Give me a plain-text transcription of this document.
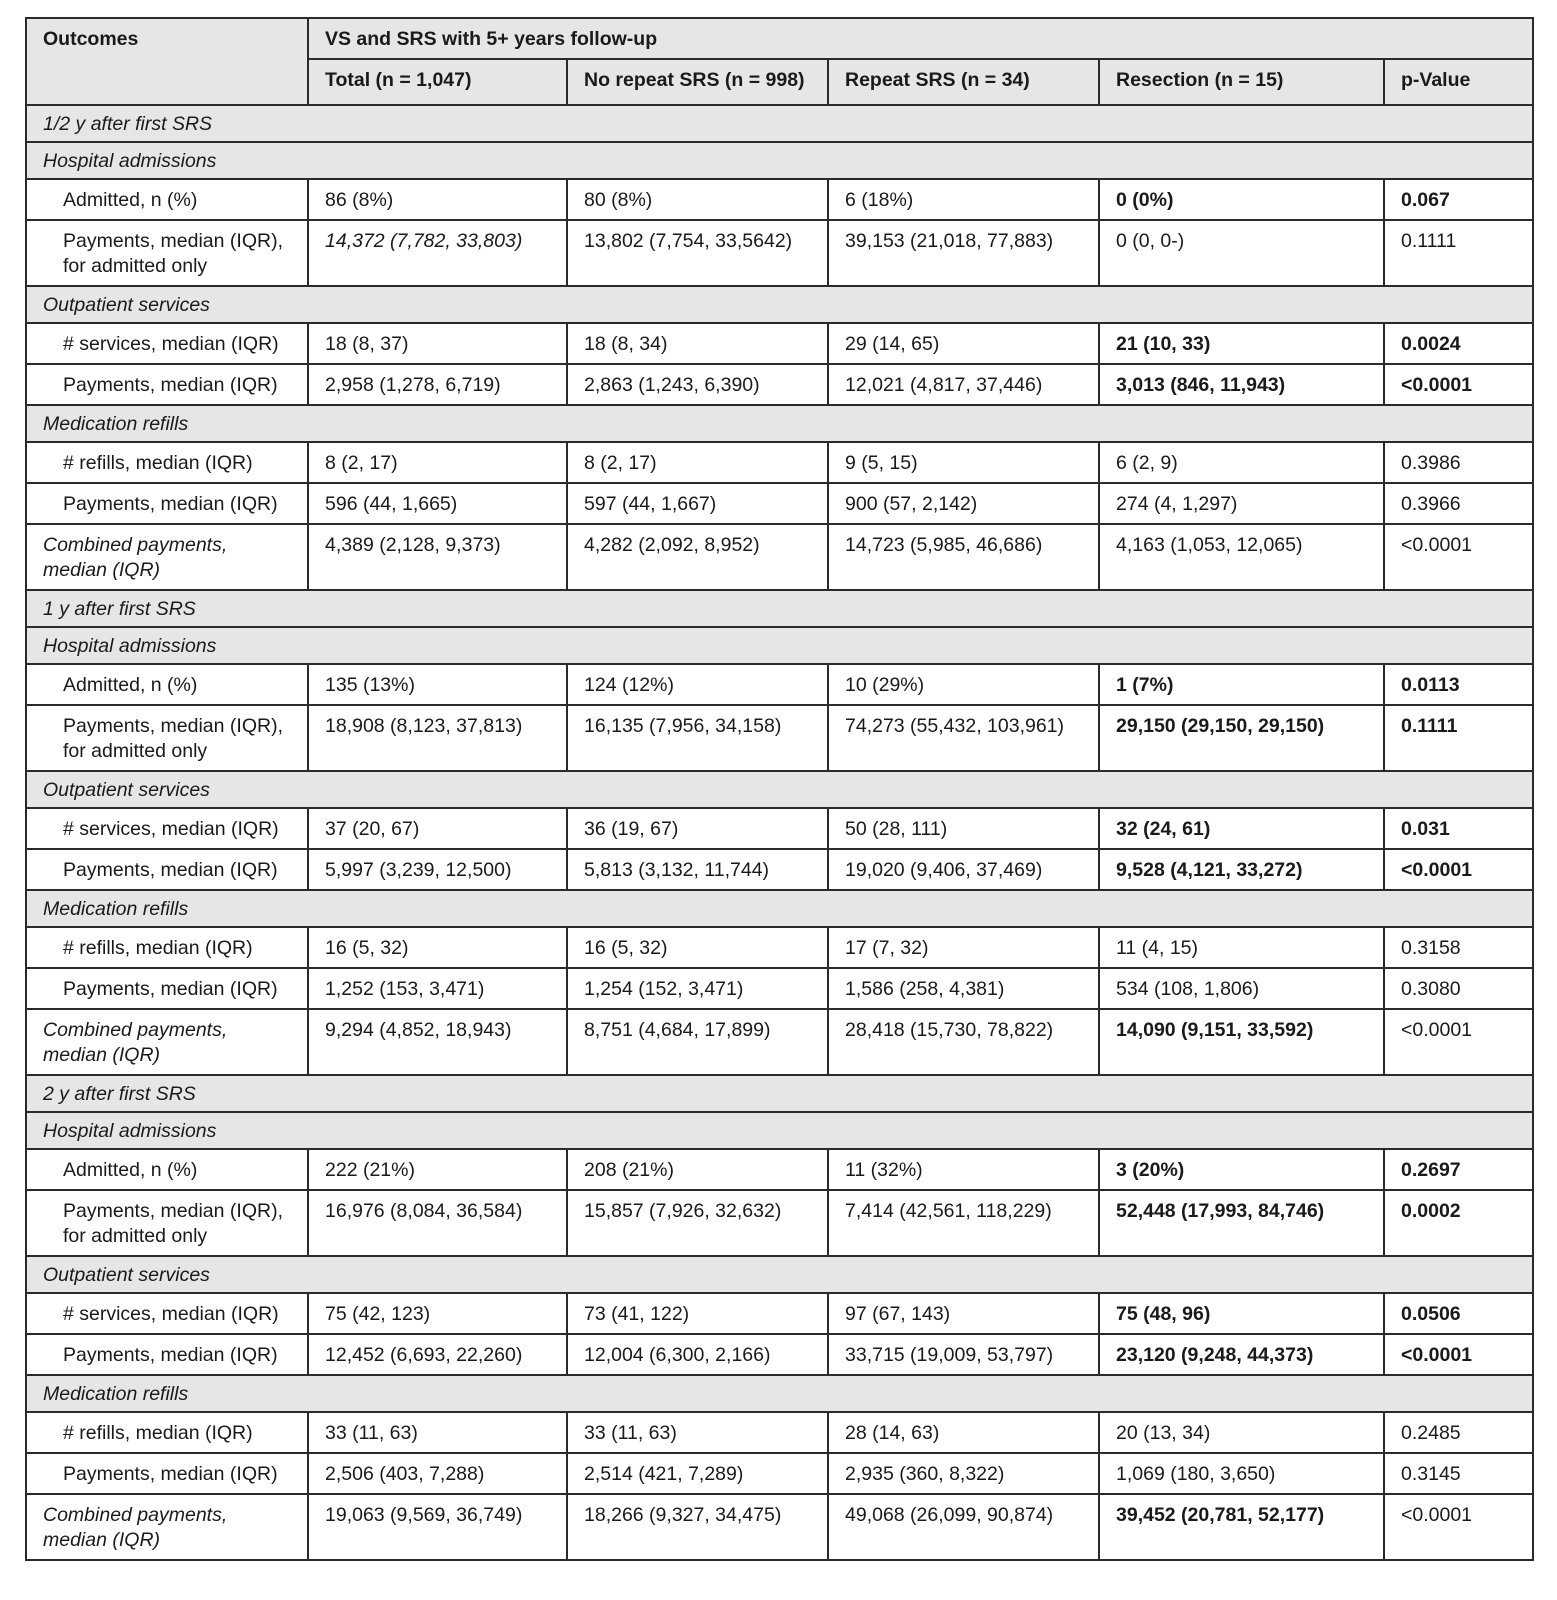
Outcomes	VS and SRS with 5+ years follow-up				
	Total (n = 1,047)	No repeat SRS (n = 998)	Repeat SRS (n = 34)	Resection (n = 15)	p-Value
1/2 y after first SRS					
Hospital admissions					
Admitted, n (%)	86 (8%)	80 (8%)	6 (18%)	0 (0%)	0.067
Payments, median (IQR), for admitted only	14,372 (7,782, 33,803)	13,802 (7,754, 33,5642)	39,153 (21,018, 77,883)	0 (0, 0-)	0.1111
Outpatient services					
# services, median (IQR)	18 (8, 37)	18 (8, 34)	29 (14, 65)	21 (10, 33)	0.0024
Payments, median (IQR)	2,958 (1,278, 6,719)	2,863 (1,243, 6,390)	12,021 (4,817, 37,446)	3,013 (846, 11,943)	<0.0001
Medication refills					
# refills, median (IQR)	8 (2, 17)	8 (2, 17)	9 (5, 15)	6 (2, 9)	0.3986
Payments, median (IQR)	596 (44, 1,665)	597 (44, 1,667)	900 (57, 2,142)	274 (4, 1,297)	0.3966
Combined payments, median (IQR)	4,389 (2,128, 9,373)	4,282 (2,092, 8,952)	14,723 (5,985, 46,686)	4,163 (1,053, 12,065)	<0.0001
1 y after first SRS					
Hospital admissions					
Admitted, n (%)	135 (13%)	124 (12%)	10 (29%)	1 (7%)	0.0113
Payments, median (IQR), for admitted only	18,908 (8,123, 37,813)	16,135 (7,956, 34,158)	74,273 (55,432, 103,961)	29,150 (29,150, 29,150)	0.1111
Outpatient services					
# services, median (IQR)	37 (20, 67)	36 (19, 67)	50 (28, 111)	32 (24, 61)	0.031
Payments, median (IQR)	5,997 (3,239, 12,500)	5,813 (3,132, 11,744)	19,020 (9,406, 37,469)	9,528 (4,121, 33,272)	<0.0001
Medication refills					
# refills, median (IQR)	16 (5, 32)	16 (5, 32)	17 (7, 32)	11 (4, 15)	0.3158
Payments, median (IQR)	1,252 (153, 3,471)	1,254 (152, 3,471)	1,586 (258, 4,381)	534 (108, 1,806)	0.3080
Combined payments, median (IQR)	9,294 (4,852, 18,943)	8,751 (4,684, 17,899)	28,418 (15,730, 78,822)	14,090 (9,151, 33,592)	<0.0001
2 y after first SRS					
Hospital admissions					
Admitted, n (%)	222 (21%)	208 (21%)	11 (32%)	3 (20%)	0.2697
Payments, median (IQR), for admitted only	16,976 (8,084, 36,584)	15,857 (7,926, 32,632)	7,414 (42,561, 118,229)	52,448 (17,993, 84,746)	0.0002
Outpatient services					
# services, median (IQR)	75 (42, 123)	73 (41, 122)	97 (67, 143)	75 (48, 96)	0.0506
Payments, median (IQR)	12,452 (6,693, 22,260)	12,004 (6,300, 2,166)	33,715 (19,009, 53,797)	23,120 (9,248, 44,373)	<0.0001
Medication refills					
# refills, median (IQR)	33 (11, 63)	33 (11, 63)	28 (14, 63)	20 (13, 34)	0.2485
Payments, median (IQR)	2,506 (403, 7,288)	2,514 (421, 7,289)	2,935 (360, 8,322)	1,069 (180, 3,650)	0.3145
Combined payments, median (IQR)	19,063 (9,569, 36,749)	18,266 (9,327, 34,475)	49,068 (26,099, 90,874)	39,452 (20,781, 52,177)	<0.0001
